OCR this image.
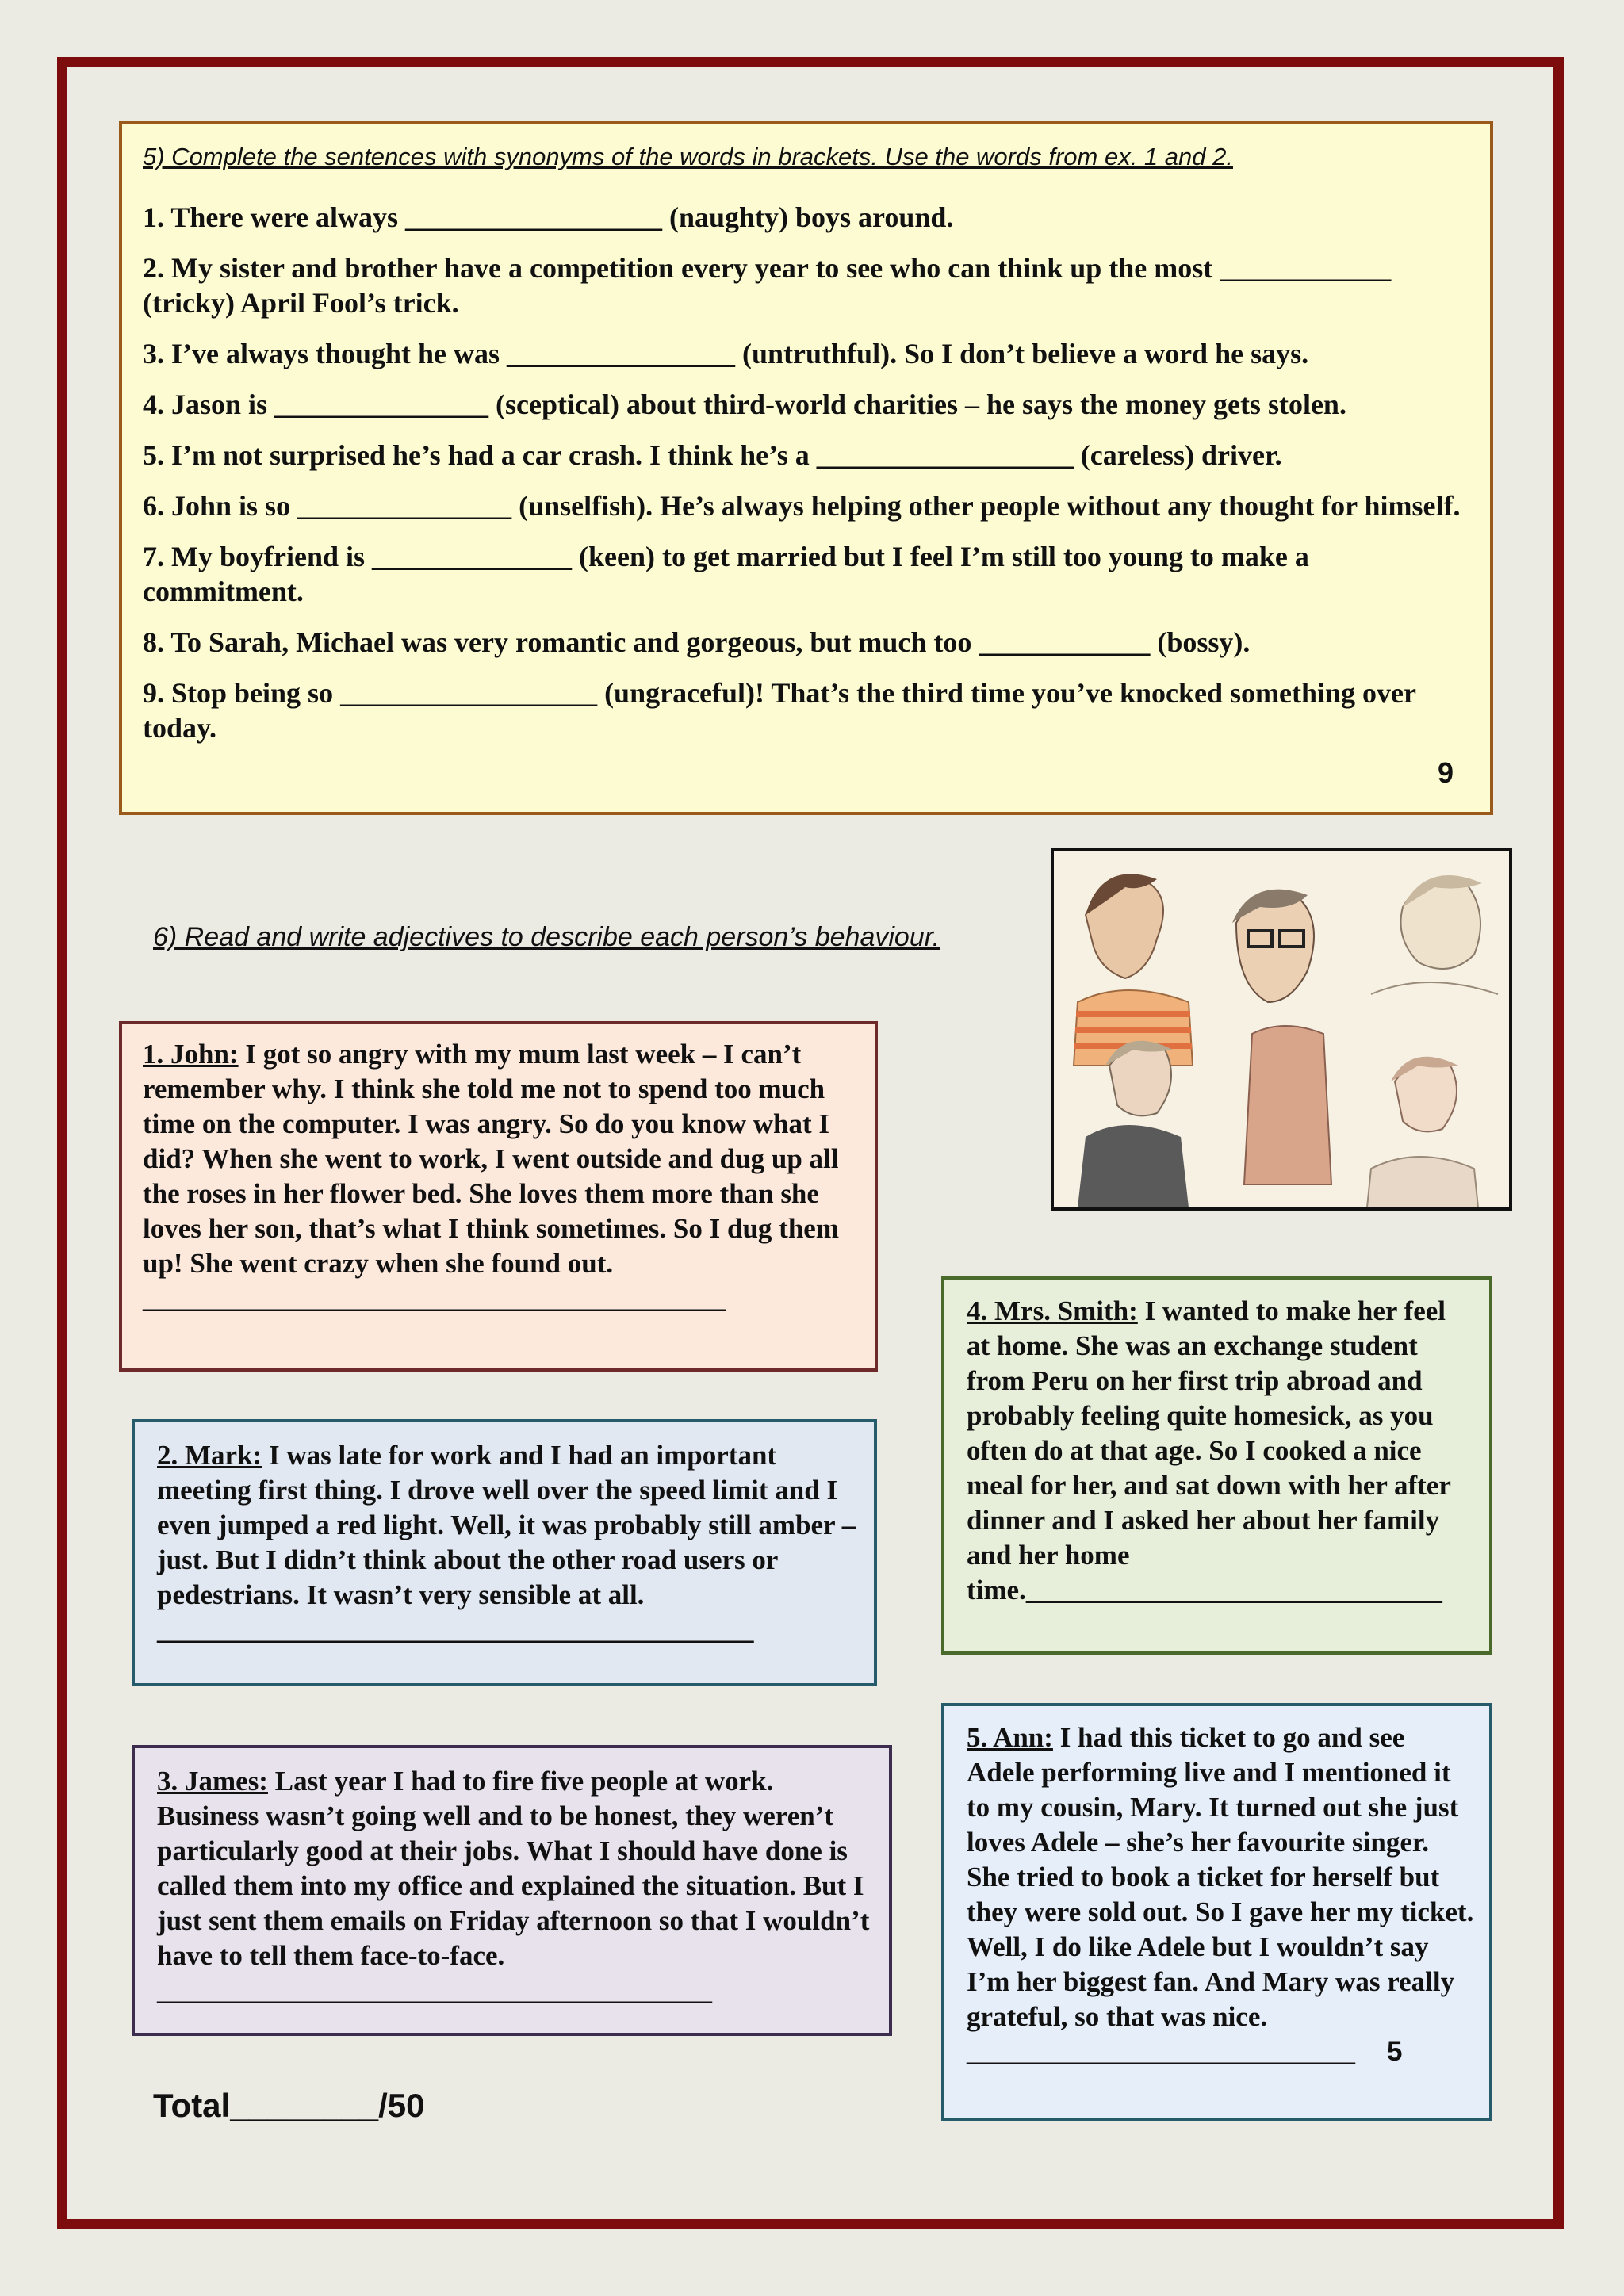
5) Complete the sentences with synonyms of the words in brackets. Use the words from ex. 1 and 2.

1. There were always __________________ (naughty) boys around.

2. My sister and brother have a competition every year to see who can think up the most ____________ (tricky) April Fool’s trick.

3. I’ve always thought he was ________________ (untruthful). So I don’t believe a word he says.

4. Jason is _______________ (sceptical) about third-world charities – he says the money gets stolen.

5. I’m not surprised he’s had a car crash. I think he’s a __________________ (careless) driver.

6. John is so _______________ (unselfish). He’s always helping other people without any thought for himself.

7. My boyfriend is ______________ (keen) to get married but I feel I’m still too young to make a commitment.

8. To Sarah, Michael was very romantic and gorgeous, but much too ____________ (bossy).

9. Stop being so __________________ (ungraceful)! That’s the third time you’ve knocked something over today.

9
6) Read and write adjectives to describe each person’s behaviour.
1. John: I got so angry with my mum last week – I can’t remember why. I think she told me not to spend too much time on the computer. I was angry. So do you know what I did? When she went to work, I went outside and dug up all the roses in her flower bed. She loves them more than she loves her son, that’s what I think sometimes. So I dug them up! She went crazy when she found out.
__________________________________________
2. Mark: I was late for work and I had an important meeting first thing. I drove well over the speed limit and I even jumped a red light. Well, it was probably still amber – just. But I didn’t think about the other road users or pedestrians. It wasn’t very sensible at all. ___________________________________________
3. James: Last year I had to fire five people at work. Business wasn’t going well and to be honest, they weren’t particularly good at their jobs. What I should have done is called them into my office and explained the situation. But I just sent them emails on Friday afternoon so that I wouldn’t have to tell them face-to-face. ________________________________________
4. Mrs. Smith: I wanted to make her feel at home. She was an exchange student from Peru on her first trip abroad and probably feeling quite homesick, as you often do at that age. So I cooked a nice meal for her, and sat down with her after dinner and I asked her about her family and her home time.______________________________
5. Ann: I had this ticket to go and see Adele performing live and I mentioned it to my cousin, Mary. It turned out she just loves Adele – she’s her favourite singer. She tried to book a ticket for herself but they were sold out. So I gave her my ticket. Well, I do like Adele but I wouldn’t say I’m her biggest fan. And Mary was really grateful, so that was nice.
____________________________ 5
Total________/50
